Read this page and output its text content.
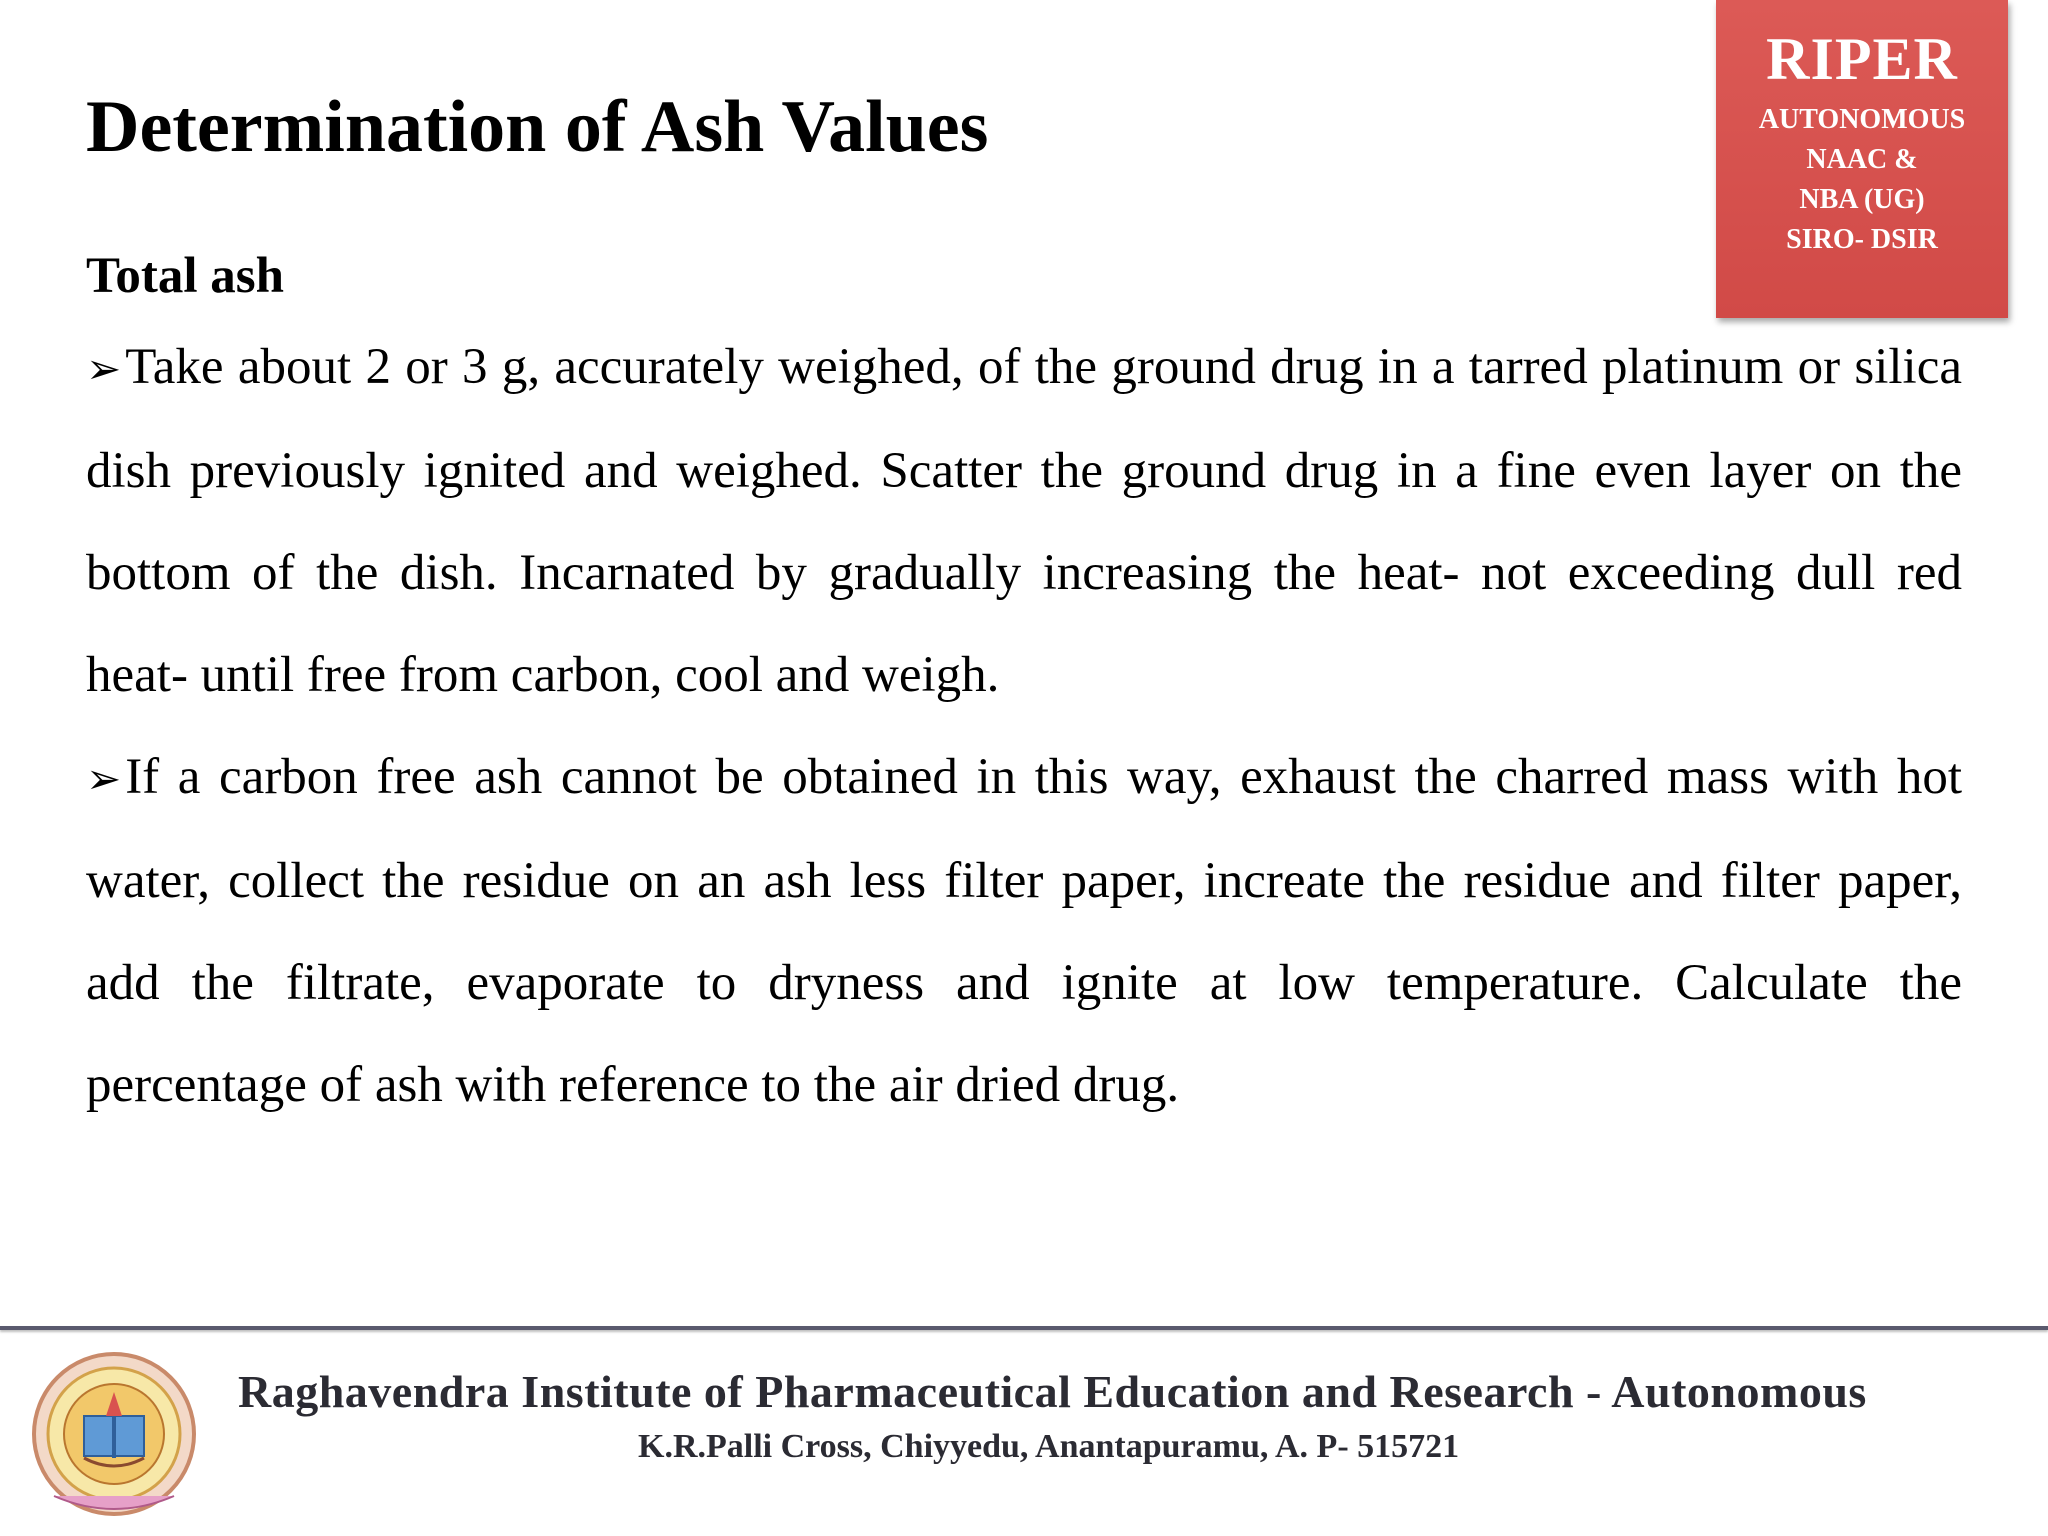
Determination of Ash Values
RIPER
AUTONOMOUS
NAAC &
NBA (UG)
SIRO- DSIR

Total ash

➢Take about 2 or 3 g, accurately weighed, of the ground drug in a tarred platinum or silica dish previously ignited and weighed. Scatter the ground drug in a fine even layer on the bottom of the dish. Incarnated by gradually increasing the heat- not exceeding dull red heat- until free from carbon, cool and weigh.

➢If a carbon free ash cannot be obtained in this way, exhaust the charred mass with hot water, collect the residue on an ash less filter paper, increate the residue and filter paper, add the filtrate, evaporate to dryness and ignite at low temperature. Calculate the percentage of ash with reference to the air dried drug.

Raghavendra Institute of Pharmaceutical Education and Research - Autonomous

K.R.Palli Cross, Chiyyedu, Anantapuramu, A. P- 515721
